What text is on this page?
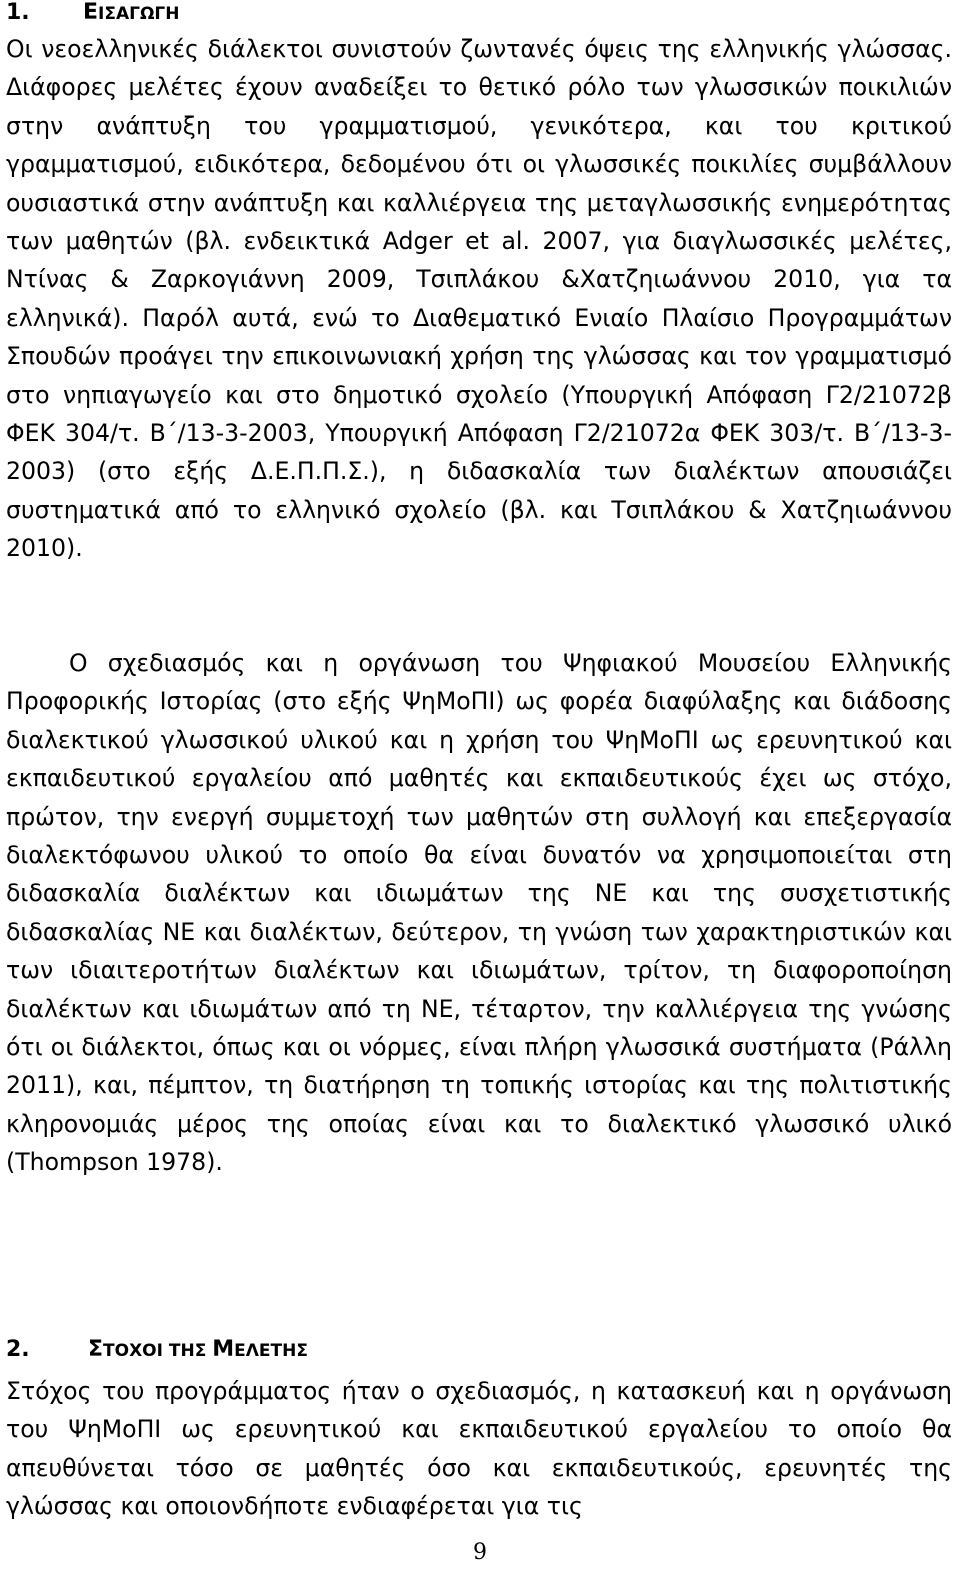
1. ΕΙΣΑΓΩΓΗ

Οι νεοελληνικές διάλεκτοι συνιστούν ζωντανές όψεις της ελληνικής γλώσσας. Διάφορες μελέτες έχουν αναδείξει το θετικό ρόλο των γλωσσικών ποικιλιών στην ανάπτυξη του γραμματισμού, γενικότερα, και του κριτικού γραμματισμού, ειδικότερα, δεδομένου ότι οι γλωσσικές ποικιλίες συμβάλλουν ουσιαστικά στην ανάπτυξη και καλλιέργεια της μεταγλωσσικής ενημερότητας των μαθητών (βλ. ενδεικτικά Adger et al. 2007, για διαγλωσσικές μελέτες, Ντίνας & Ζαρκογιάννη 2009, Τσιπλάκου &Χατζηιωάννου 2010, για τα ελληνικά). Παρόλ αυτά, ενώ το Διαθεματικό Ενιαίο Πλαίσιο Προγραμμάτων Σπουδών προάγει την επικοινωνιακή χρήση της γλώσσας και τον γραμματισμό στο νηπιαγωγείο και στο δημοτικό σχολείο (Υπουργική Απόφαση Γ2/21072β ΦΕΚ 304/τ. Β΄/13-3-2003, Υπουργική Απόφαση Γ2/21072α ΦΕΚ 303/τ. Β΄/13-3-2003) (στο εξής Δ.Ε.Π.Π.Σ.), η διδασκαλία των διαλέκτων απουσιάζει συστηματικά από το ελληνικό σχολείο (βλ. και Τσιπλάκου & Χατζηιωάννου 2010).

Ο σχεδιασμός και η οργάνωση του Ψηφιακού Μουσείου Ελληνικής Προφορικής Ιστορίας (στο εξής ΨηΜοΠΙ) ως φορέα διαφύλαξης και διάδοσης διαλεκτικού γλωσσικού υλικού και η χρήση του ΨηΜοΠΙ ως ερευνητικού και εκπαιδευτικού εργαλείου από μαθητές και εκπαιδευτικούς έχει ως στόχο, πρώτον, την ενεργή συμμετοχή των μαθητών στη συλλογή και επεξεργασία διαλεκτόφωνου υλικού το οποίο θα είναι δυνατόν να χρησιμοποιείται στη διδασκαλία διαλέκτων και ιδιωμάτων της ΝΕ και της συσχετιστικής διδασκαλίας ΝΕ και διαλέκτων, δεύτερον, τη γνώση των χαρακτηριστικών και των ιδιαιτεροτήτων διαλέκτων και ιδιωμάτων, τρίτον, τη διαφοροποίηση διαλέκτων και ιδιωμάτων από τη ΝΕ, τέταρτον, την καλλιέργεια της γνώσης ότι οι διάλεκτοι, όπως και οι νόρμες, είναι πλήρη γλωσσικά συστήματα (Ράλλη 2011), και, πέμπτον, τη διατήρηση τη τοπικής ιστορίας και της πολιτιστικής κληρονομιάς μέρος της οποίας είναι και το διαλεκτικό γλωσσικό υλικό (Thompson 1978).

2.	ΣΤΟΧΟΙ ΤΗΣ ΜΕΛΕΤΗΣ

Στόχος του προγράμματος ήταν ο σχεδιασμός, η κατασκευή και η οργάνωση του ΨηΜοΠΙ ως ερευνητικού και εκπαιδευτικού εργαλείου το οποίο θα απευθύνεται τόσο σε μαθητές όσο και εκπαιδευτικούς, ερευνητές της γλώσσας και οποιονδήποτε ενδιαφέρεται για τις

9
